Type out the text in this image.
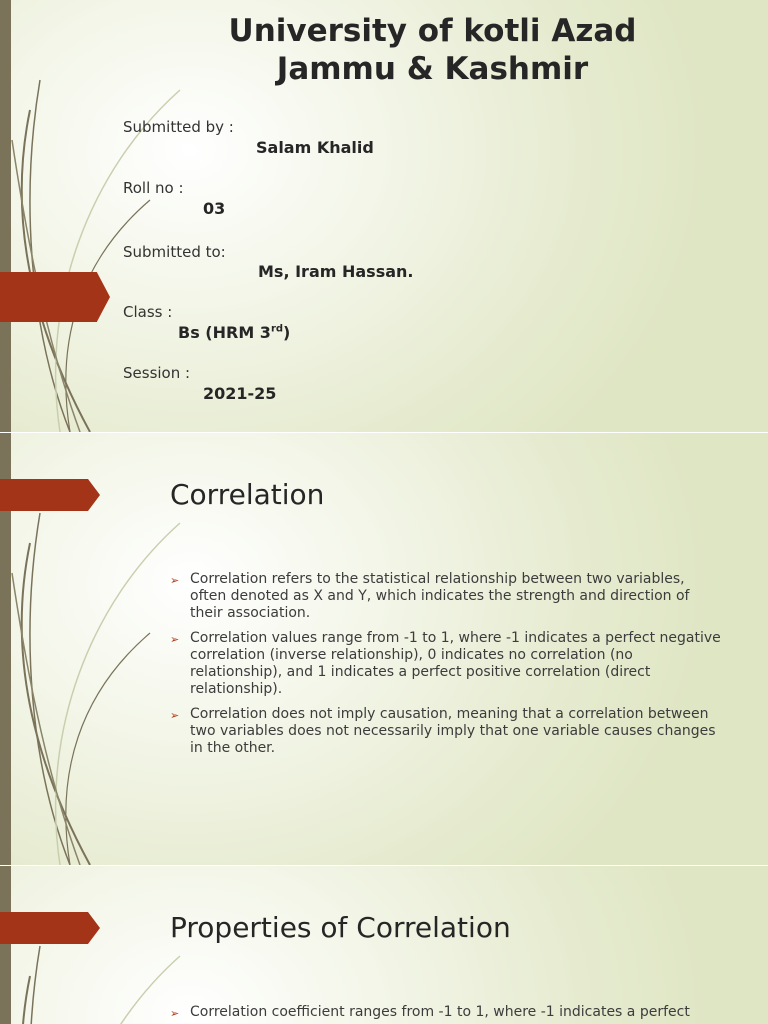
University of kotli Azad Jammu & Kashmir
Submitted by :
Salam Khalid
Roll no :
03
Submitted to:
Ms, Iram Hassan.
Class :
Bs (HRM 3rd)
Session :
2021-25
Correlation
➢ Correlation refers to the statistical relationship between two variables, often denoted as X and Y, which indicates the strength and direction of their association.
➢ Correlation values range from -1 to 1, where -1 indicates a perfect negative correlation (inverse relationship), 0 indicates no correlation (no relationship), and 1 indicates a perfect positive correlation (direct relationship).
➢ Correlation does not imply causation, meaning that a correlation between two variables does not necessarily imply that one variable causes changes in the other.
Properties of Correlation
➢ Correlation coefficient ranges from -1 to 1, where -1 indicates a perfect
